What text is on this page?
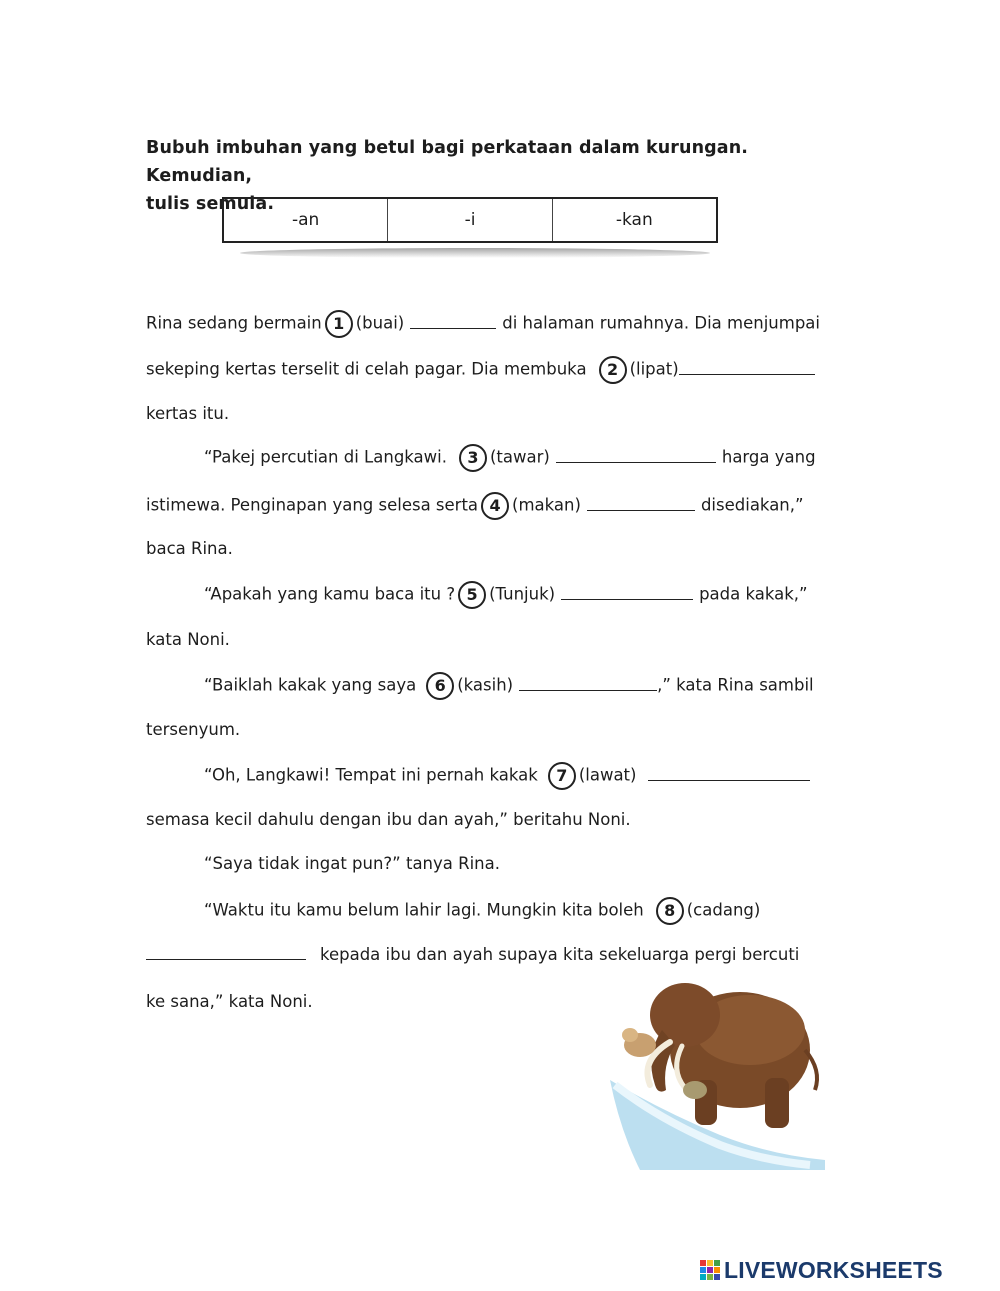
Bubuh imbuhan yang betul bagi perkataan dalam kurungan. Kemudian,
tulis semula.
-an	-i	-kan
Rina sedang bermain 1 (buai)	di halaman rumahnya. Dia menjumpai
sekeping kertas terselit di celah pagar. Dia membuka 2 (lipat)
kertas itu.
“Pakej percutian di Langkawi. 3 (tawar)	harga yang
istimewa. Penginapan yang selesa serta 4 (makan)	disediakan,”
baca Rina.
“Apakah yang kamu baca itu ? 5 (Tunjuk)	pada kakak,”
kata Noni.
“Baiklah kakak yang saya 6 (kasih)	,” kata Rina sambil
tersenyum.
“Oh, Langkawi! Tempat ini pernah kakak 7 (lawat)
semasa kecil dahulu dengan ibu dan ayah,” beritahu Noni.
“Saya tidak ingat pun?” tanya Rina.
“Waktu itu kamu belum lahir lagi. Mungkin kita boleh 8 (cadang)
kepada ibu dan ayah supaya kita sekeluarga pergi bercuti
ke sana,” kata Noni.
LIVEWORKSHEETS
